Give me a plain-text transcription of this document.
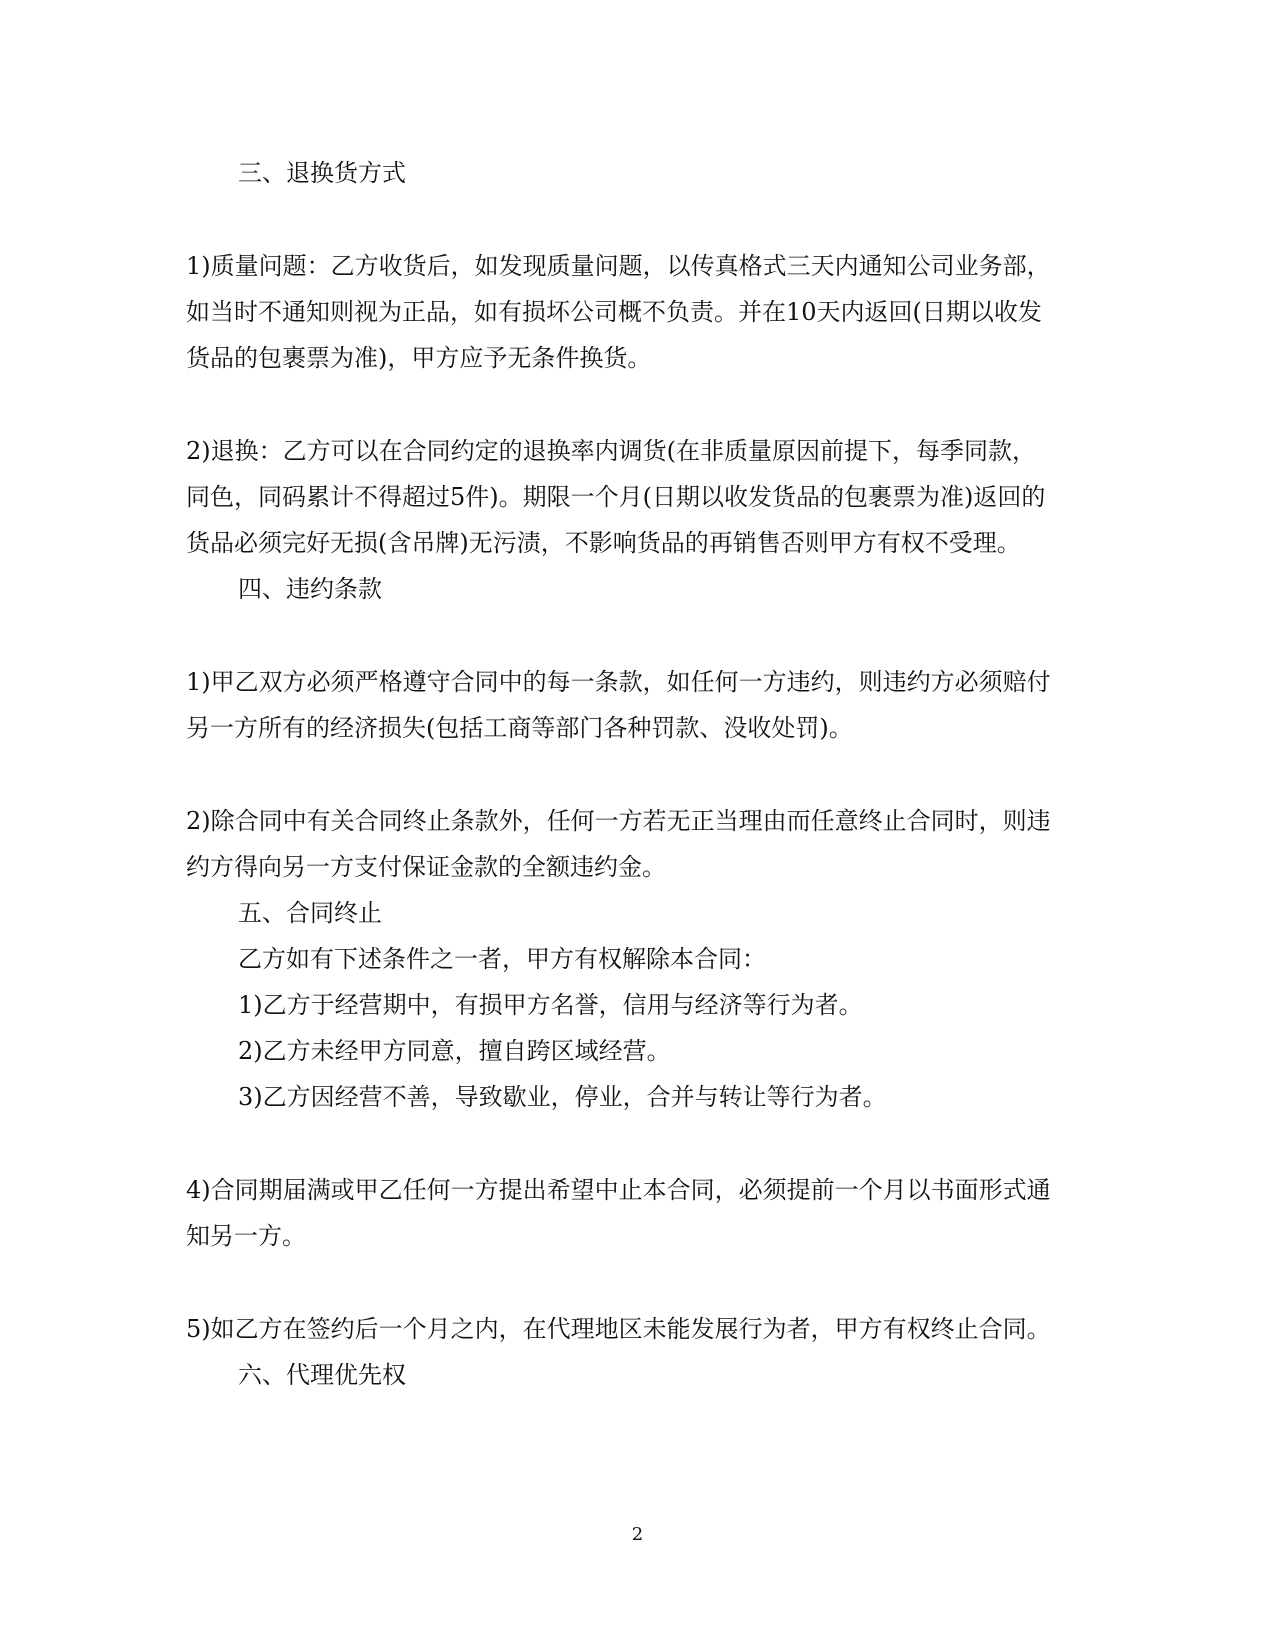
三、退换货方式

1)质量问题：乙方收货后，如发现质量问题，以传真格式三天内通知公司业务部，

如当时不通知则视为正品，如有损坏公司概不负责。并在10天内返回(日期以收发

货品的包裹票为准)，甲方应予无条件换货。

2)退换：乙方可以在合同约定的退换率内调货(在非质量原因前提下，每季同款，

同色，同码累计不得超过5件)。期限一个月(日期以收发货品的包裹票为准)返回的

货品必须完好无损(含吊牌)无污渍，不影响货品的再销售否则甲方有权不受理。

四、违约条款

1)甲乙双方必须严格遵守合同中的每一条款，如任何一方违约，则违约方必须赔付

另一方所有的经济损失(包括工商等部门各种罚款、没收处罚)。

2)除合同中有关合同终止条款外，任何一方若无正当理由而任意终止合同时，则违

约方得向另一方支付保证金款的全额违约金。

五、合同终止

乙方如有下述条件之一者，甲方有权解除本合同：

1)乙方于经营期中，有损甲方名誉，信用与经济等行为者。

2)乙方未经甲方同意，擅自跨区域经营。

3)乙方因经营不善，导致歇业，停业，合并与转让等行为者。

4)合同期届满或甲乙任何一方提出希望中止本合同，必须提前一个月以书面形式通

知另一方。

5)如乙方在签约后一个月之内，在代理地区未能发展行为者，甲方有权终止合同。

六、代理优先权

2
